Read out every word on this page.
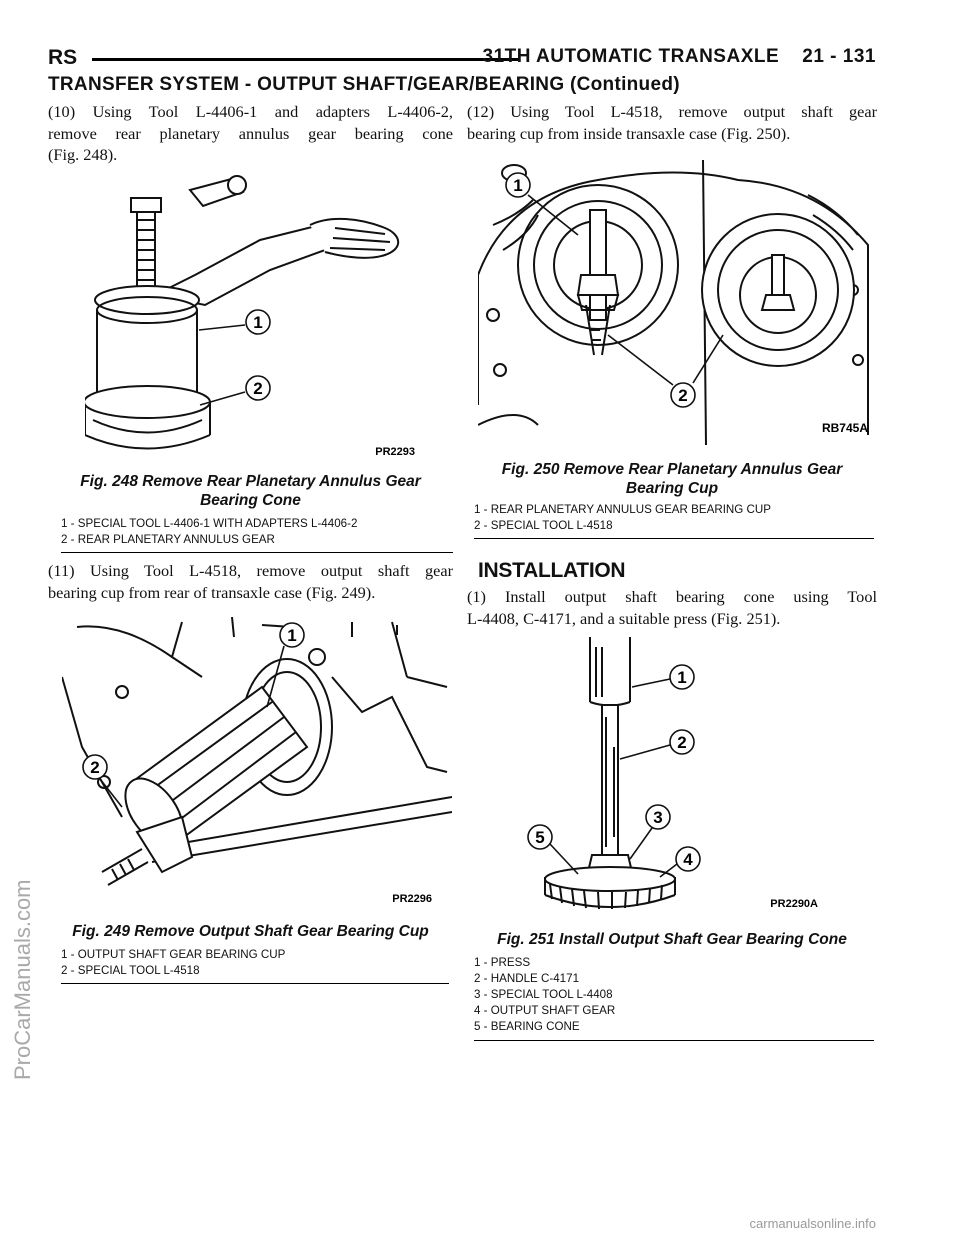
RS	31TH AUTOMATIC TRANSAXLE    21 - 131
TRANSFER SYSTEM - OUTPUT SHAFT/GEAR/BEARING (Continued)
(10) Using Tool L-4406-1 and adapters L-4406-2,
remove rear planetary annulus gear bearing cone
(Fig. 248).
1
2
PR2293
Fig. 248 Remove Rear Planetary Annulus Gear
Bearing Cone
1 - SPECIAL TOOL L-4406-1 WITH ADAPTERS L-4406-2
2 - REAR PLANETARY ANNULUS GEAR
(11) Using Tool L-4518, remove output shaft gear
bearing cup from rear of transaxle case (Fig. 249).
1
2
PR2296
Fig. 249 Remove Output Shaft Gear Bearing Cup
1 - OUTPUT SHAFT GEAR BEARING CUP
2 - SPECIAL TOOL L-4518
(12) Using Tool L-4518, remove output shaft gear
bearing cup from inside transaxle case (Fig. 250).
1
2
RB745A
Fig. 250 Remove Rear Planetary Annulus Gear
Bearing Cup
1 - REAR PLANETARY ANNULUS GEAR BEARING CUP
2 - SPECIAL TOOL L-4518
INSTALLATION
(1) Install output shaft bearing cone using Tool
L-4408, C-4171, and a suitable press (Fig. 251).
1
2
3
4
5
PR2290A
Fig. 251 Install Output Shaft Gear Bearing Cone
1 - PRESS
2 - HANDLE C-4171
3 - SPECIAL TOOL L-4408
4 - OUTPUT SHAFT GEAR
5 - BEARING CONE
ProCarManuals.com
carmanualsonline.info
